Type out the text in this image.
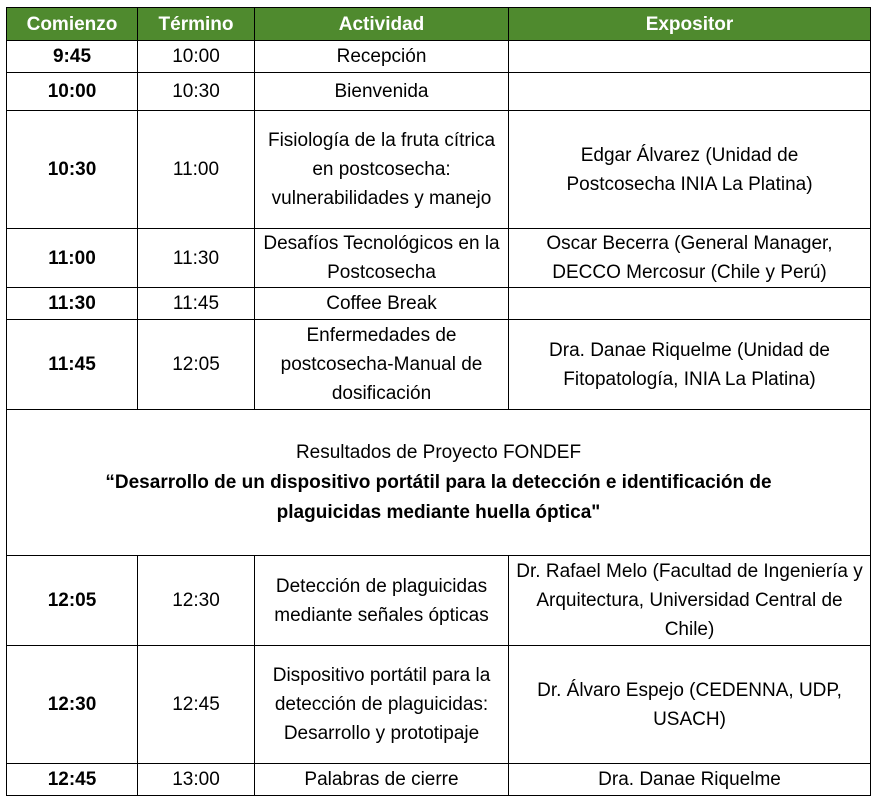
Comienzo	Término	Actividad	Expositor
9:45	10:00	Recepción	
10:00	10:30	Bienvenida	
10:30	11:00	Fisiología de la fruta cítrica en postcosecha: vulnerabilidades y manejo	Edgar Álvarez (Unidad de Postcosecha INIA La Platina)
11:00	11:30	Desafíos Tecnológicos en la Postcosecha	Oscar Becerra (General Manager, DECCO Mercosur (Chile y Perú)
11:30	11:45	Coffee Break	
11:45	12:05	Enfermedades de postcosecha-Manual de dosificación	Dra. Danae Riquelme (Unidad de Fitopatología, INIA La Platina)

Resultados de Proyecto FONDEF
“Desarrollo de un dispositivo portátil para la detección e identificación de plaguicidas mediante huella óptica"			

12:05	12:30	Detección de plaguicidas mediante señales ópticas	Dr. Rafael Melo (Facultad de Ingeniería y Arquitectura, Universidad Central de Chile)
12:30	12:45	Dispositivo portátil para la detección de plaguicidas: Desarrollo y prototipaje	Dr. Álvaro Espejo (CEDENNA, UDP, USACH)
12:45	13:00	Palabras de cierre	Dra. Danae Riquelme
